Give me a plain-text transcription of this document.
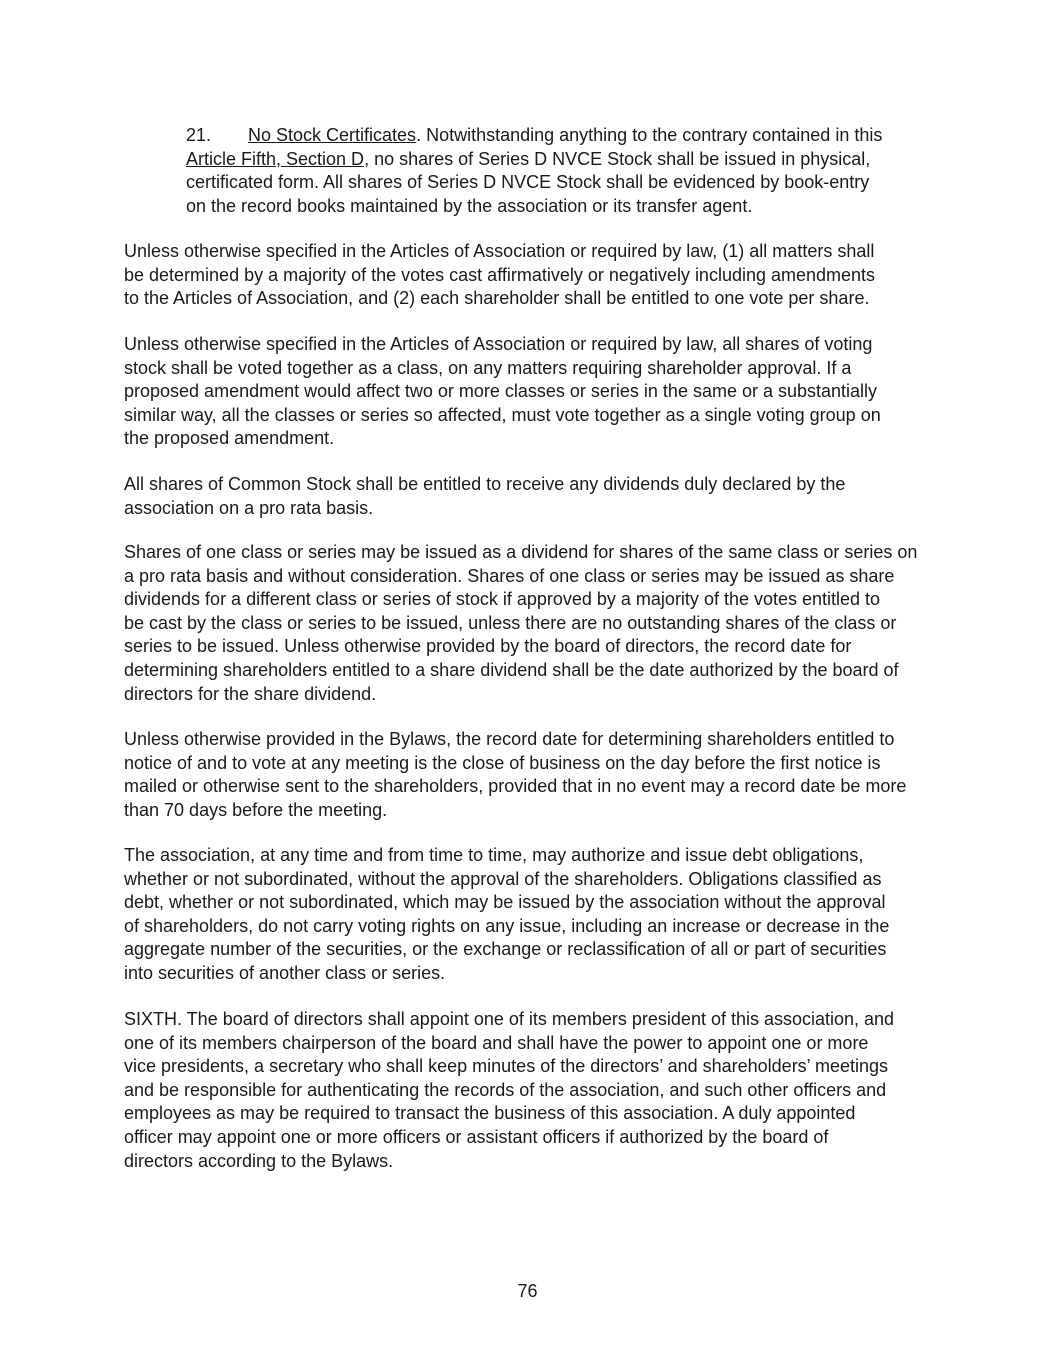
21. No Stock Certificates. Notwithstanding anything to the contrary contained in this
Article Fifth, Section D, no shares of Series D NVCE Stock shall be issued in physical,
certificated form. All shares of Series D NVCE Stock shall be evidenced by book-entry
on the record books maintained by the association or its transfer agent.
Unless otherwise specified in the Articles of Association or required by law, (1) all matters shall
be determined by a majority of the votes cast affirmatively or negatively including amendments
to the Articles of Association, and (2) each shareholder shall be entitled to one vote per share.
Unless otherwise specified in the Articles of Association or required by law, all shares of voting
stock shall be voted together as a class, on any matters requiring shareholder approval. If a
proposed amendment would affect two or more classes or series in the same or a substantially
similar way, all the classes or series so affected, must vote together as a single voting group on
the proposed amendment.
All shares of Common Stock shall be entitled to receive any dividends duly declared by the
association on a pro rata basis.
Shares of one class or series may be issued as a dividend for shares of the same class or series on
a pro rata basis and without consideration. Shares of one class or series may be issued as share
dividends for a different class or series of stock if approved by a majority of the votes entitled to
be cast by the class or series to be issued, unless there are no outstanding shares of the class or
series to be issued. Unless otherwise provided by the board of directors, the record date for
determining shareholders entitled to a share dividend shall be the date authorized by the board of
directors for the share dividend.
Unless otherwise provided in the Bylaws, the record date for determining shareholders entitled to
notice of and to vote at any meeting is the close of business on the day before the first notice is
mailed or otherwise sent to the shareholders, provided that in no event may a record date be more
than 70 days before the meeting.
The association, at any time and from time to time, may authorize and issue debt obligations,
whether or not subordinated, without the approval of the shareholders. Obligations classified as
debt, whether or not subordinated, which may be issued by the association without the approval
of shareholders, do not carry voting rights on any issue, including an increase or decrease in the
aggregate number of the securities, or the exchange or reclassification of all or part of securities
into securities of another class or series.
SIXTH. The board of directors shall appoint one of its members president of this association, and
one of its members chairperson of the board and shall have the power to appoint one or more
vice presidents, a secretary who shall keep minutes of the directors’ and shareholders’ meetings
and be responsible for authenticating the records of the association, and such other officers and
employees as may be required to transact the business of this association. A duly appointed
officer may appoint one or more officers or assistant officers if authorized by the board of
directors according to the Bylaws.
76
